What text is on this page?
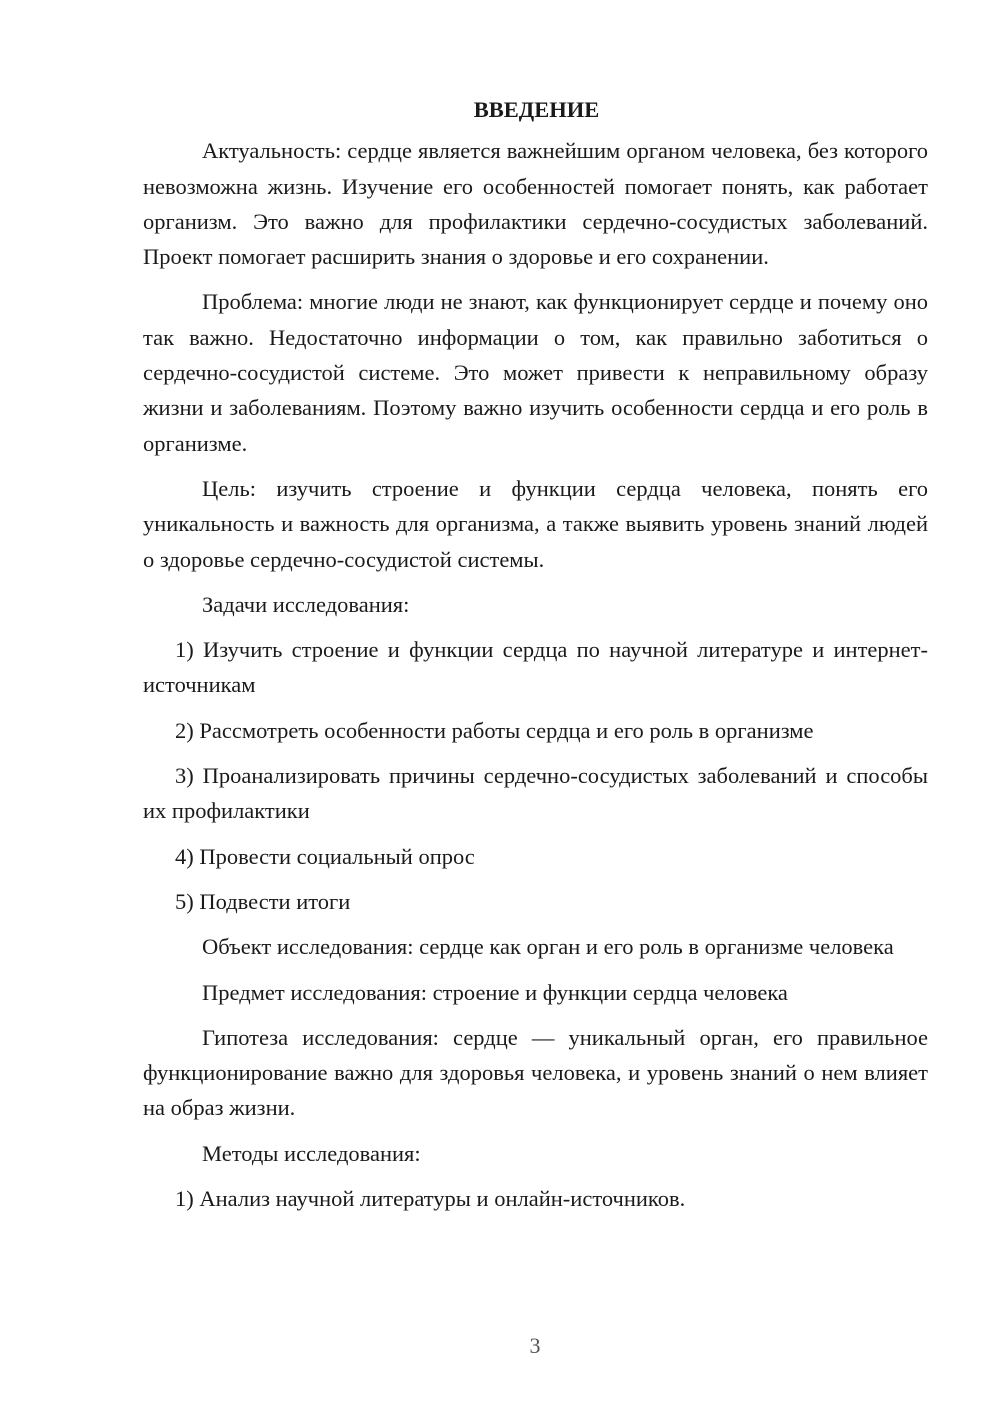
ВВЕДЕНИЕ

Актуальность: сердце является важнейшим органом человека, без которого невозможна жизнь. Изучение его особенностей помогает понять, как работает организм. Это важно для профилактики сердечно-сосудистых заболеваний. Проект помогает расширить знания о здоровье и его сохранении.

Проблема: многие люди не знают, как функционирует сердце и почему оно так важно. Недостаточно информации о том, как правильно заботиться о сердечно-сосудистой системе. Это может привести к неправильному образу жизни и заболеваниям. Поэтому важно изучить особенности сердца и его роль в организме.

Цель: изучить строение и функции сердца человека, понять его уникальность и важность для организма, а также выявить уровень знаний людей о здоровье сердечно-сосудистой системы.

Задачи исследования:

1) Изучить строение и функции сердца по научной литературе и интернет-источникам

2) Рассмотреть особенности работы сердца и его роль в организме

3) Проанализировать причины сердечно-сосудистых заболеваний и способы их профилактики

4) Провести социальный опрос

5) Подвести итоги

Объект исследования: сердце как орган и его роль в организме человека

Предмет исследования: строение и функции сердца человека

Гипотеза исследования: сердце — уникальный орган, его правильное функционирование важно для здоровья человека, и уровень знаний о нем влияет на образ жизни.

Методы исследования:

1) Анализ научной литературы и онлайн-источников.

3
